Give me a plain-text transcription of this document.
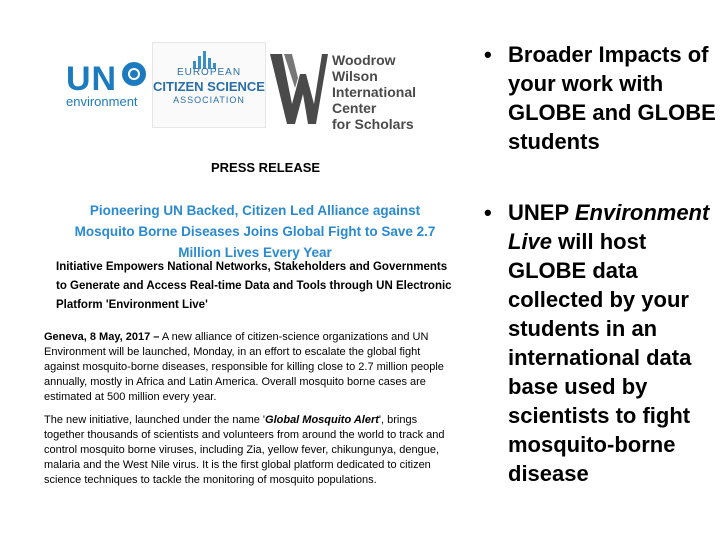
UN
environment
EUROPEAN
CITIZEN SCIENCE
ASSOCIATION
Woodrow Wilson
International
Center
for Scholars
PRESS RELEASE
Pioneering UN Backed, Citizen Led Alliance against Mosquito Borne Diseases Joins Global Fight to Save 2.7 Million Lives Every Year
Initiative Empowers National Networks, Stakeholders and Governments to Generate and Access Real-time Data and Tools through UN Electronic Platform 'Environment Live'
Geneva, 8 May, 2017 – A new alliance of citizen-science organizations and UN Environment will be launched, Monday, in an effort to escalate the global fight against mosquito-borne diseases, responsible for killing close to 2.7 million people annually, mostly in Africa and Latin America. Overall mosquito borne cases are estimated at 500 million every year.
The new initiative, launched under the name 'Global Mosquito Alert', brings together thousands of scientists and volunteers from around the world to track and control mosquito borne viruses, including Zia, yellow fever, chikungunya, dengue, malaria and the West Nile virus. It is the first global platform dedicated to citizen science techniques to tackle the monitoring of mosquito populations.
• Broader Impacts of your work with GLOBE and GLOBE students
• UNEP Environment Live will host GLOBE data collected by your students in an international data base used by scientists to fight mosquito-borne disease
